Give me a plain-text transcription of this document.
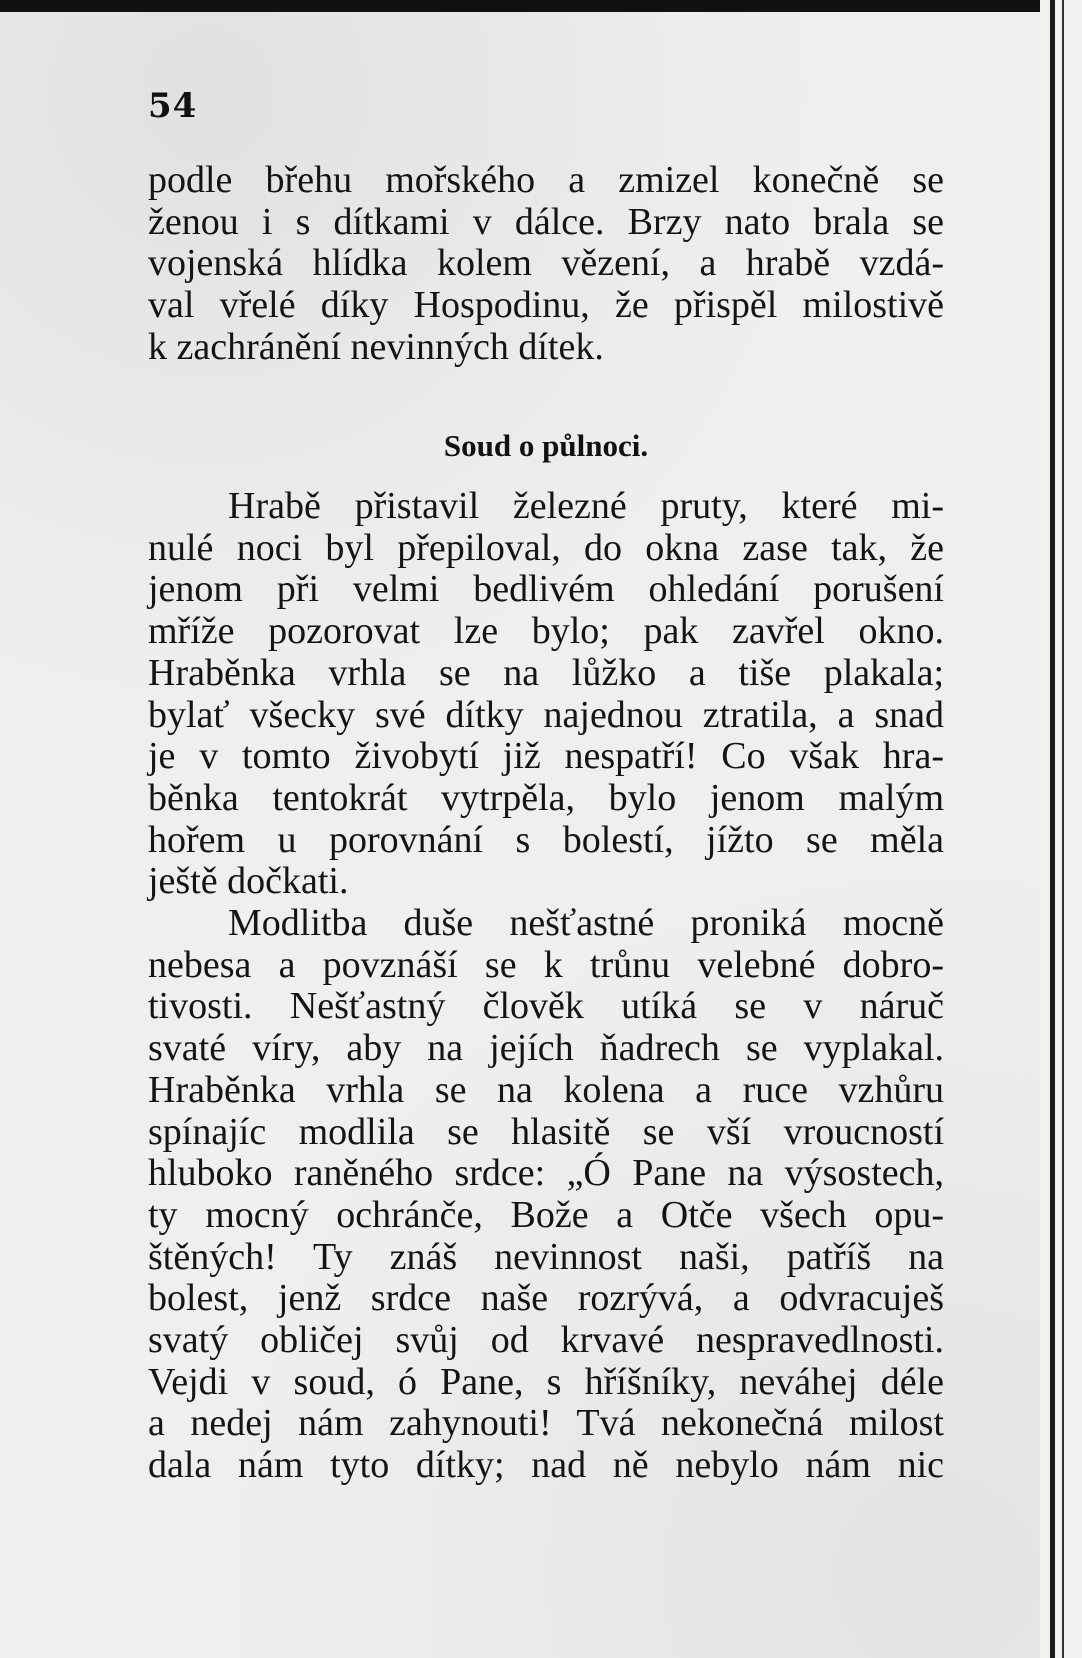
54
podle břehu mořského a zmizel konečně se
ženou i s dítkami v dálce. Brzy nato brala se
vojenská hlídka kolem vězení, a hrabě vzdá-
val vřelé díky Hospodinu, že přispěl milostivě
k zachránění nevinných dítek.
Soud o půlnoci.
Hrabě přistavil železné pruty, které mi-
nulé noci byl přepiloval, do okna zase tak, že
jenom při velmi bedlivém ohledání porušení
mříže pozorovat lze bylo; pak zavřel okno.
Hraběnka vrhla se na lůžko a tiše plakala;
bylať všecky své dítky najednou ztratila, a snad
je v tomto živobytí již nespatří! Co však hra-
běnka tentokrát vytrpěla, bylo jenom malým
hořem u porovnání s bolestí, jížto se měla
ještě dočkati.
Modlitba duše nešťastné proniká mocně
nebesa a povznáší se k trůnu velebné dobro-
tivosti. Nešťastný člověk utíká se v náruč
svaté víry, aby na jejích ňadrech se vyplakal.
Hraběnka vrhla se na kolena a ruce vzhůru
spínajíc modlila se hlasitě se vší vroucností
hluboko raněného srdce: „Ó Pane na výsostech,
ty mocný ochránče, Bože a Otče všech opu-
štěných! Ty znáš nevinnost naši, patříš na
bolest, jenž srdce naše rozrývá, a odvracuješ
svatý obličej svůj od krvavé nespravedlnosti.
Vejdi v soud, ó Pane, s hříšníky, neváhej déle
a nedej nám zahynouti! Tvá nekonečná milost
dala nám tyto dítky; nad ně nebylo nám nic
